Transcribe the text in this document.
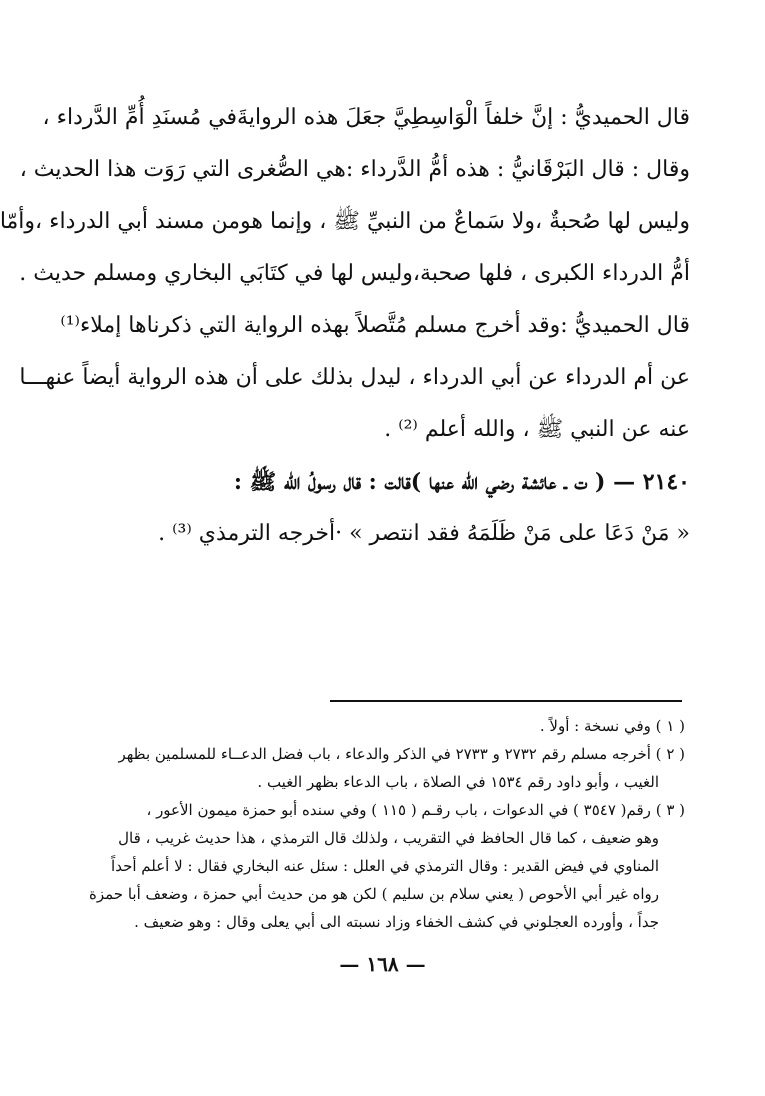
قال الحميديُّ : إنَّ خلفاً الْوَاسِطِيَّ جعَلَ هذه الروايةَفي مُسنَدِ أُمِّ الدَّرداء ،

وقال : قال البَرْقَانيُّ : هذه أمُّ الدَّرداء :هي الصُّغرى التي رَوَت هذا الحديث ،

وليس لها صُحبةٌ ،ولا سَماعٌ من النبيِّ ﷺ ، وإنما هومن مسند أبي الدرداء ،وأمّا

أمُّ الدرداء الكبرى ، فلها صحبة،وليس لها في كتَابَي البخاري ومسلم حديث .

قال الحميديُّ :وقد أخرج مسلم مُتَّصلاً بهذه الرواية التي ذكرناها إملاء⁽¹⁾

عن أم الدرداء عن أبي الدرداء ، ليدل بذلك على أن هذه الرواية أيضاً عنهـــا

عنه عن النبي ﷺ ، والله أعلم ⁽²⁾ .

٢١٤٠ — ( ت ـ عائشة رضي الله عنها )قالت : قال رسولُ الله ﷺ :

« مَنْ دَعَا على مَنْ ظَلَمَهُ فقد انتصر » ·أخرجه الترمذي ⁽³⁾ .

( ١ ) وفي نسخة : أولاً .

( ٢ ) أخرجه مسلم رقم ٢٧٣٢ و ٢٧٣٣ في الذكر والدعاء ، باب فضل الدعــاء للمسلمين بظهر

الغيب ، وأبو داود رقم ١٥٣٤ في الصلاة ، باب الدعاء بظهر الغيب .

( ٣ ) رقم( ٣٥٤٧ ) في الدعوات ، باب رقـم ( ١١٥ ) وفي سنده أبو حمزة ميمون الأعور ،

وهو ضعيف ، كما قال الحافظ في التقريب ، ولذلك قال الترمذي ، هذا حديث غريب ، قال

المناوي في فيض القدير : وقال الترمذي في العلل : سئل عنه البخاري فقال : لا أعلم أحداً

رواه غير أبي الأحوص ( يعني سلام بن سليم ) لكن هو من حديث أبي حمزة ، وضعف أبا حمزة

جداً ، وأورده العجلوني في كشف الخفاء وزاد نسبته الى أبي يعلى وقال : وهو ضعيف .

— ١٦٨ —
